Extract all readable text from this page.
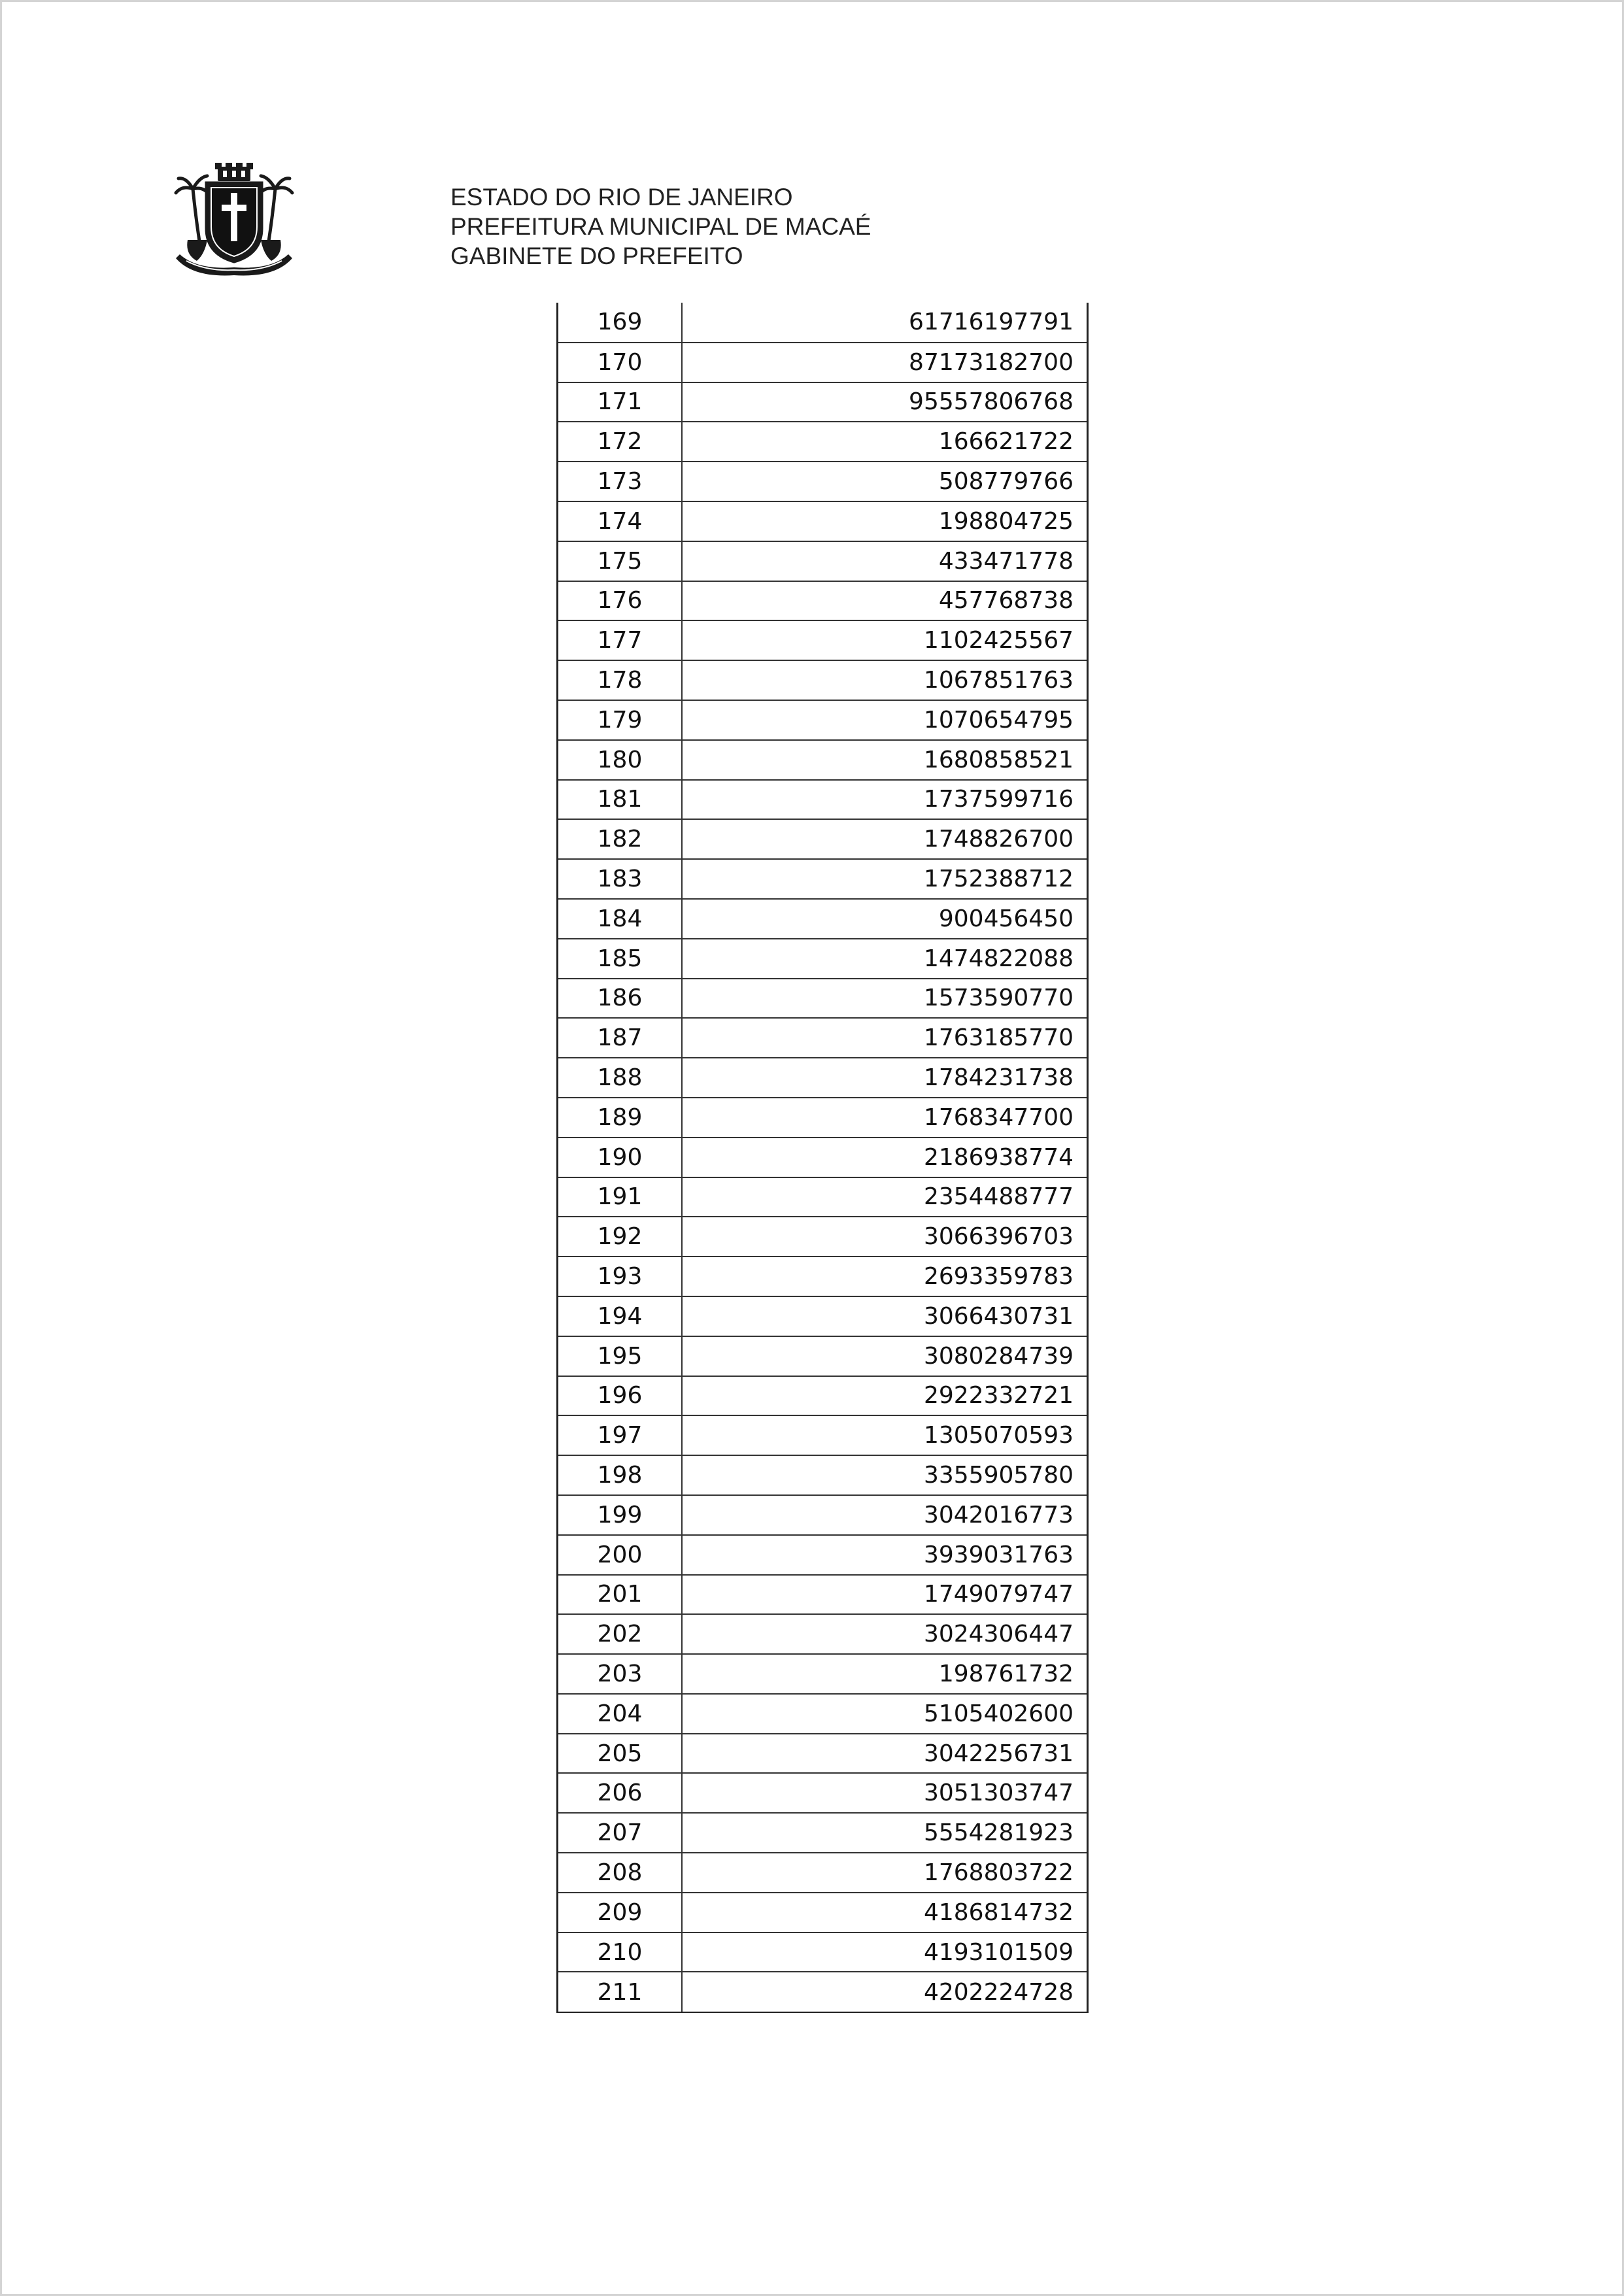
ESTADO DO RIO DE JANEIRO
PREFEITURA MUNICIPAL DE MACAÉ
GABINETE DO PREFEITO
169	61716197791
170	87173182700
171	95557806768
172	166621722
173	508779766
174	198804725
175	433471778
176	457768738
177	1102425567
178	1067851763
179	1070654795
180	1680858521
181	1737599716
182	1748826700
183	1752388712
184	900456450
185	1474822088
186	1573590770
187	1763185770
188	1784231738
189	1768347700
190	2186938774
191	2354488777
192	3066396703
193	2693359783
194	3066430731
195	3080284739
196	2922332721
197	1305070593
198	3355905780
199	3042016773
200	3939031763
201	1749079747
202	3024306447
203	198761732
204	5105402600
205	3042256731
206	3051303747
207	5554281923
208	1768803722
209	4186814732
210	4193101509
211	4202224728
